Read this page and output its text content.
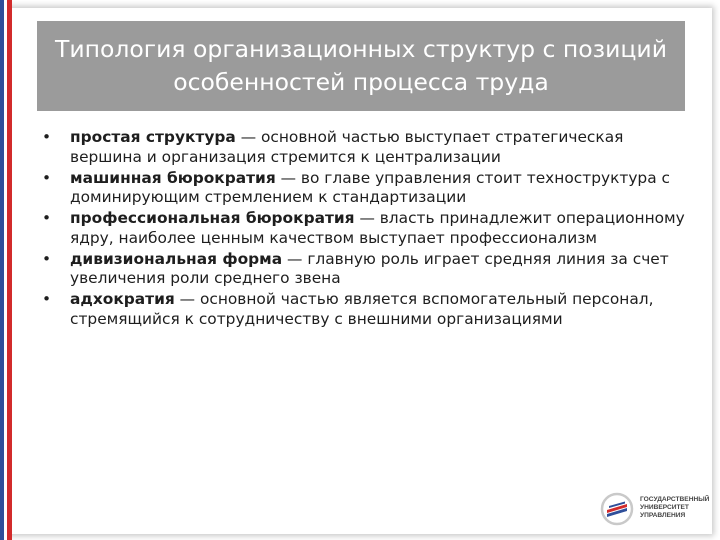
Типология организационных структур с позиций особенностей процесса труда
• простая структура — основной частью выступает стратегическая вершина и организация стремится к централизации
• машинная бюрократия — во главе управления стоит техноструктура с доминирующим стремлением к стандартизации
• профессиональная бюрократия — власть принадлежит операционному ядру, наиболее ценным качеством выступает профессионализм
• дивизиональная форма — главную роль играет средняя линия за счет увеличения роли среднего звена
• адхократия — основной частью является вспомогательный персонал, стремящийся к сотрудничеству с внешними организациями
ГОСУДАРСТВЕННЫЙ
УНИВЕРСИТЕТ
УПРАВЛЕНИЯ
